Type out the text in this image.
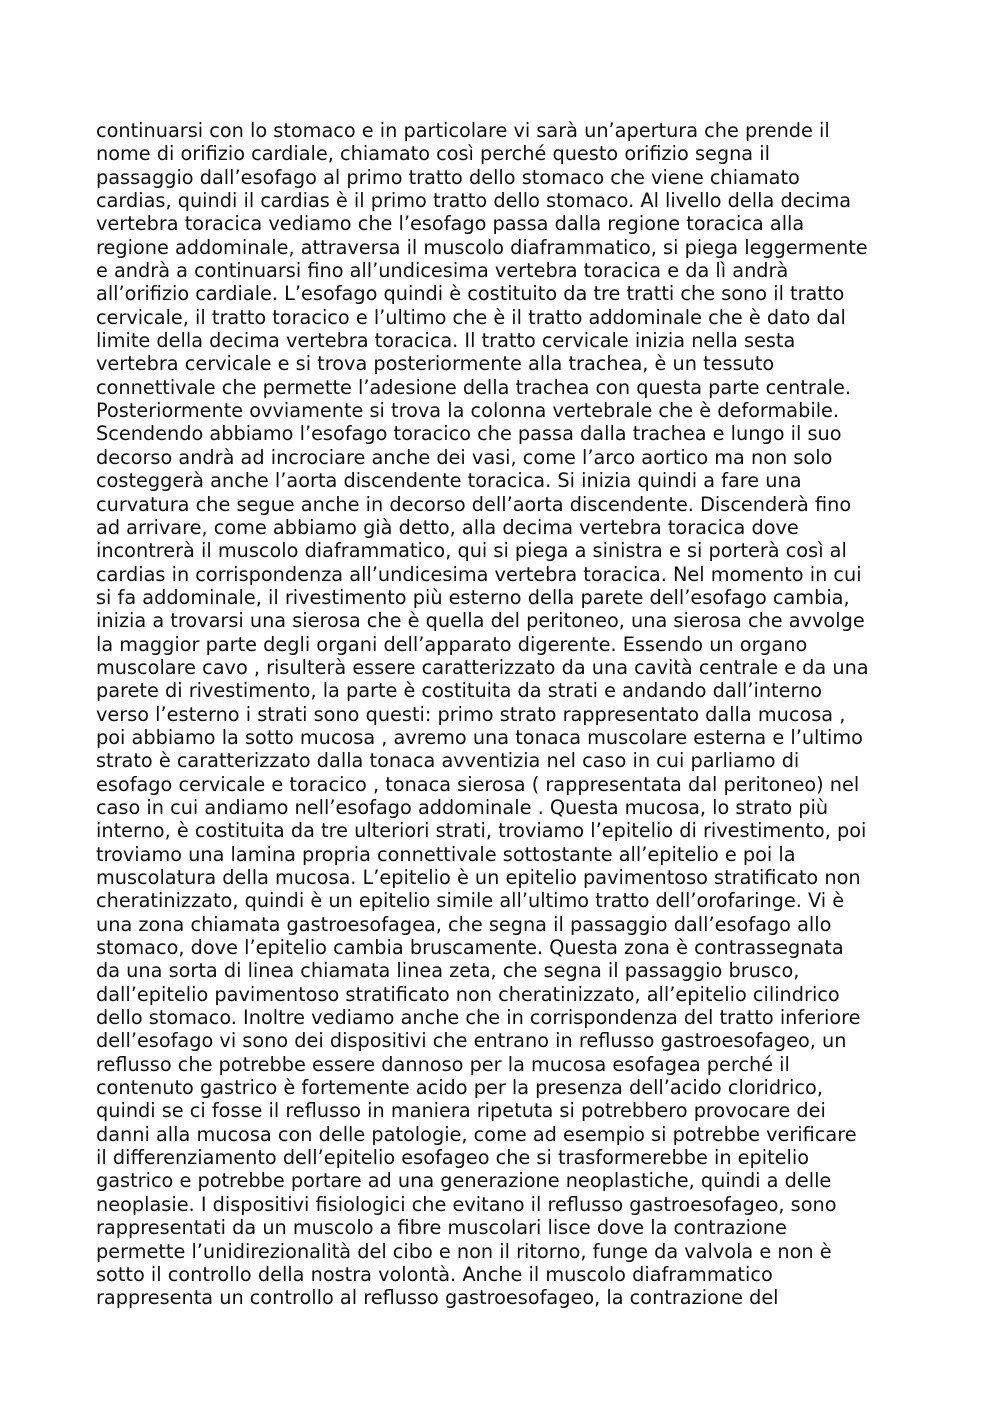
continuarsi con lo stomaco e in particolare vi sarà un’apertura che prende il
nome di orifizio cardiale, chiamato così perché questo orifizio segna il
passaggio dall’esofago al primo tratto dello stomaco che viene chiamato
cardias, quindi il cardias è il primo tratto dello stomaco. Al livello della decima
vertebra toracica vediamo che l’esofago passa dalla regione toracica alla
regione addominale, attraversa il muscolo diaframmatico, si piega leggermente
e andrà a continuarsi fino all’undicesima vertebra toracica e da lì andrà
all’orifizio cardiale. L’esofago quindi è costituito da tre tratti che sono il tratto
cervicale, il tratto toracico e l’ultimo che è il tratto addominale che è dato dal
limite della decima vertebra toracica. Il tratto cervicale inizia nella sesta
vertebra cervicale e si trova posteriormente alla trachea, è un tessuto
connettivale che permette l’adesione della trachea con questa parte centrale.
Posteriormente ovviamente si trova la colonna vertebrale che è deformabile.
Scendendo abbiamo l’esofago toracico che passa dalla trachea e lungo il suo
decorso andrà ad incrociare anche dei vasi, come l’arco aortico ma non solo
costeggerà anche l’aorta discendente toracica. Si inizia quindi a fare una
curvatura che segue anche in decorso dell’aorta discendente. Discenderà fino
ad arrivare, come abbiamo già detto, alla decima vertebra toracica dove
incontrerà il muscolo diaframmatico, qui si piega a sinistra e si porterà così al
cardias in corrispondenza all’undicesima vertebra toracica. Nel momento in cui
si fa addominale, il rivestimento più esterno della parete dell’esofago cambia,
inizia a trovarsi una sierosa che è quella del peritoneo, una sierosa che avvolge
la maggior parte degli organi dell’apparato digerente. Essendo un organo
muscolare cavo , risulterà essere caratterizzato da una cavità centrale e da una
parete di rivestimento, la parte è costituita da strati e andando dall’interno
verso l’esterno i strati sono questi: primo strato rappresentato dalla mucosa ,
poi abbiamo la sotto mucosa , avremo una tonaca muscolare esterna e l’ultimo
strato è caratterizzato dalla tonaca avventizia nel caso in cui parliamo di
esofago cervicale e toracico , tonaca sierosa ( rappresentata dal peritoneo) nel
caso in cui andiamo nell’esofago addominale . Questa mucosa, lo strato più
interno, è costituita da tre ulteriori strati, troviamo l’epitelio di rivestimento, poi
troviamo una lamina propria connettivale sottostante all’epitelio e poi la
muscolatura della mucosa. L’epitelio è un epitelio pavimentoso stratificato non
cheratinizzato, quindi è un epitelio simile all’ultimo tratto dell’orofaringe. Vi è
una zona chiamata gastroesofagea, che segna il passaggio dall’esofago allo
stomaco, dove l’epitelio cambia bruscamente. Questa zona è contrassegnata
da una sorta di linea chiamata linea zeta, che segna il passaggio brusco,
dall’epitelio pavimentoso stratificato non cheratinizzato, all’epitelio cilindrico
dello stomaco. Inoltre vediamo anche che in corrispondenza del tratto inferiore
dell’esofago vi sono dei dispositivi che entrano in reflusso gastroesofageo, un
reflusso che potrebbe essere dannoso per la mucosa esofagea perché il
contenuto gastrico è fortemente acido per la presenza dell’acido cloridrico,
quindi se ci fosse il reflusso in maniera ripetuta si potrebbero provocare dei
danni alla mucosa con delle patologie, come ad esempio si potrebbe verificare
il differenziamento dell’epitelio esofageo che si trasformerebbe in epitelio
gastrico e potrebbe portare ad una generazione neoplastiche, quindi a delle
neoplasie. I dispositivi fisiologici che evitano il reflusso gastroesofageo, sono
rappresentati da un muscolo a fibre muscolari lisce dove la contrazione
permette l’unidirezionalità del cibo e non il ritorno, funge da valvola e non è
sotto il controllo della nostra volontà. Anche il muscolo diaframmatico
rappresenta un controllo al reflusso gastroesofageo, la contrazione del
